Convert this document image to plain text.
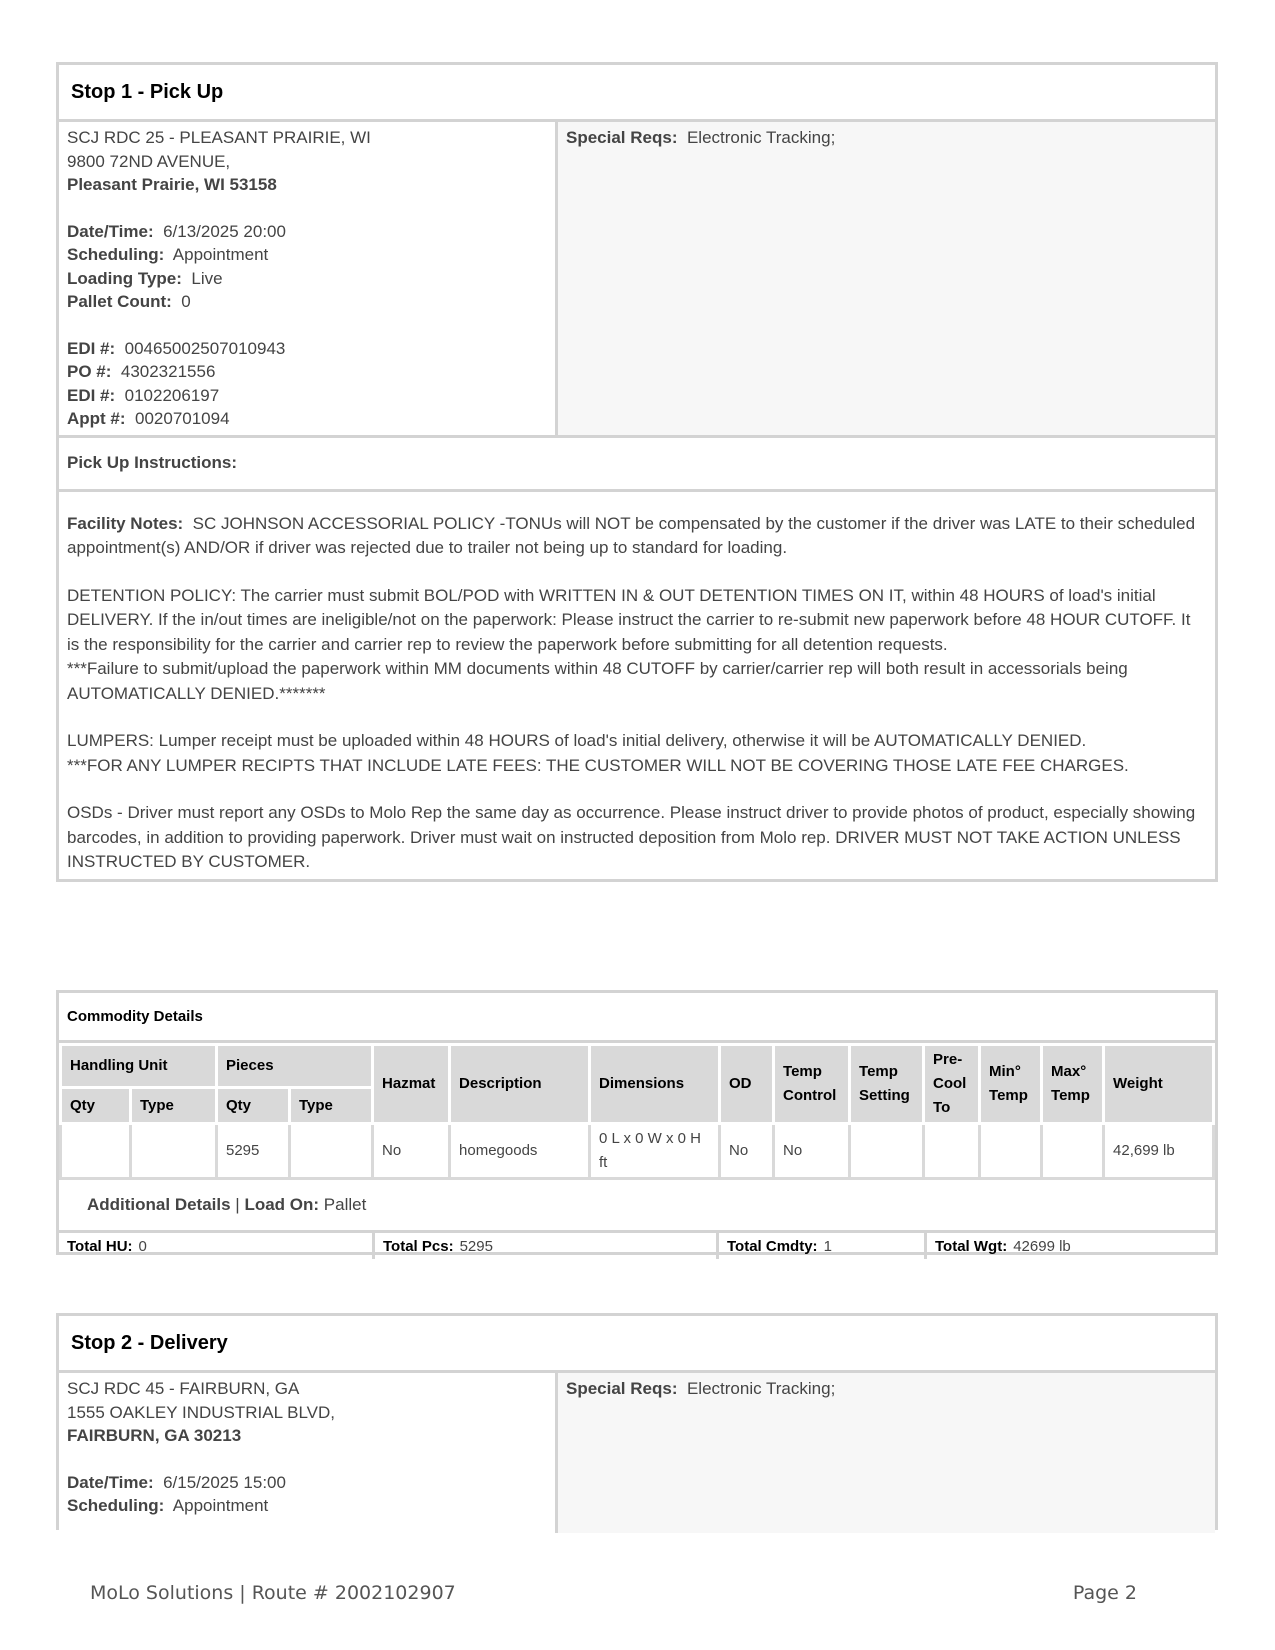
Stop 1 - Pick Up
SCJ RDC 25 - PLEASANT PRAIRIE, WI
9800 72ND AVENUE,
Pleasant Prairie, WI 53158
Date/Time: 6/13/2025 20:00
Scheduling: Appointment
Loading Type: Live
Pallet Count: 0
EDI #: 00465002507010943
PO #: 4302321556
EDI #: 0102206197
Appt #: 0020701094
Special Reqs: Electronic Tracking;
Pick Up Instructions:

Facility Notes: SC JOHNSON ACCESSORIAL POLICY -TONUs will NOT be compensated by the customer if the driver was LATE to their scheduled appointment(s) AND/OR if driver was rejected due to trailer not being up to standard for loading.

DETENTION POLICY: The carrier must submit BOL/POD with WRITTEN IN & OUT DETENTION TIMES ON IT, within 48 HOURS of load's initial DELIVERY. If the in/out times are ineligible/not on the paperwork: Please instruct the carrier to re-submit new paperwork before 48 HOUR CUTOFF. It is the responsibility for the carrier and carrier rep to review the paperwork before submitting for all detention requests.

***Failure to submit/upload the paperwork within MM documents within 48 CUTOFF by carrier/carrier rep will both result in accessorials being AUTOMATICALLY DENIED.*******

LUMPERS: Lumper receipt must be uploaded within 48 HOURS of load's initial delivery, otherwise it will be AUTOMATICALLY DENIED.

***FOR ANY LUMPER RECIPTS THAT INCLUDE LATE FEES: THE CUSTOMER WILL NOT BE COVERING THOSE LATE FEE CHARGES.

OSDs - Driver must report any OSDs to Molo Rep the same day as occurrence. Please instruct driver to provide photos of product, especially showing barcodes, in addition to providing paperwork. Driver must wait on instructed deposition from Molo rep. DRIVER MUST NOT TAKE ACTION UNLESS INSTRUCTED BY CUSTOMER.

Commodity Details
Handling Unit		Pieces		Hazmat	Description	Dimensions	OD	Temp Control	Temp Setting	Pre-Cool To	Min° Temp	Max° Temp	Weight
Qty	Type	Qty	Type										
		5295		No	homegoods	0 L x 0 W x 0 H ft	No	No					42,699 lb
Additional Details | Load On:
Pallet
Total HU: 0	Total Pcs: 5295	Total Cmdty: 1	Total Wgt: 42699 lb
Stop 2 - Delivery
SCJ RDC 45 - FAIRBURN, GA
1555 OAKLEY INDUSTRIAL BLVD,
FAIRBURN, GA 30213
Date/Time: 6/15/2025 15:00
Scheduling: Appointment
Special Reqs: Electronic Tracking;
MoLo Solutions | Route # 2002102907	Page 2
